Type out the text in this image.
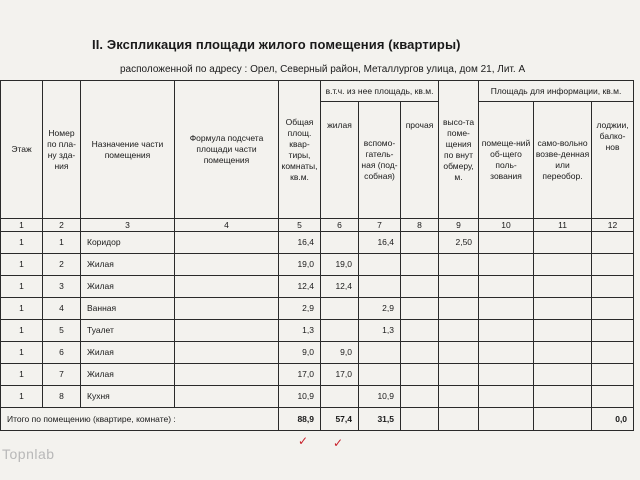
II. Экспликация площади жилого помещения (квартиры)
расположенной по адресу : Орел, Северный район, Металлургов улица, дом 21, Лит. А
Этаж	Номер по пла-ну зда-ния	Назначение части помещения	Формула подсчета площади части помещения	Общая площ. квар-тиры, комнаты, кв.м.	в.т.ч. из нее площадь, кв.м.			высо-та поме-щения по внут обмеру, м.	Площадь для информации, кв.м.		
					жилая	вспомо-гатель-ная (под-собная)	прочая		помеще-ний об-щего поль-зования	само-вольно возве-денная или переобор.	лоджии, балко-нов
1	2	3	4	5	6	7	8	9	10	11	12
1	1	Коридор		16,4		16,4		2,50			
1	2	Жилая		19,0	19,0						
1	3	Жилая		12,4	12,4						
1	4	Ванная		2,9		2,9					
1	5	Туалет		1,3		1,3					
1	6	Жилая		9,0	9,0						
1	7	Жилая		17,0	17,0						
1	8	Кухня		10,9		10,9					
Итого по помещению (квартире, комнате) :				88,9	57,4	31,5					0,0
✓ ✓
Topnlab
